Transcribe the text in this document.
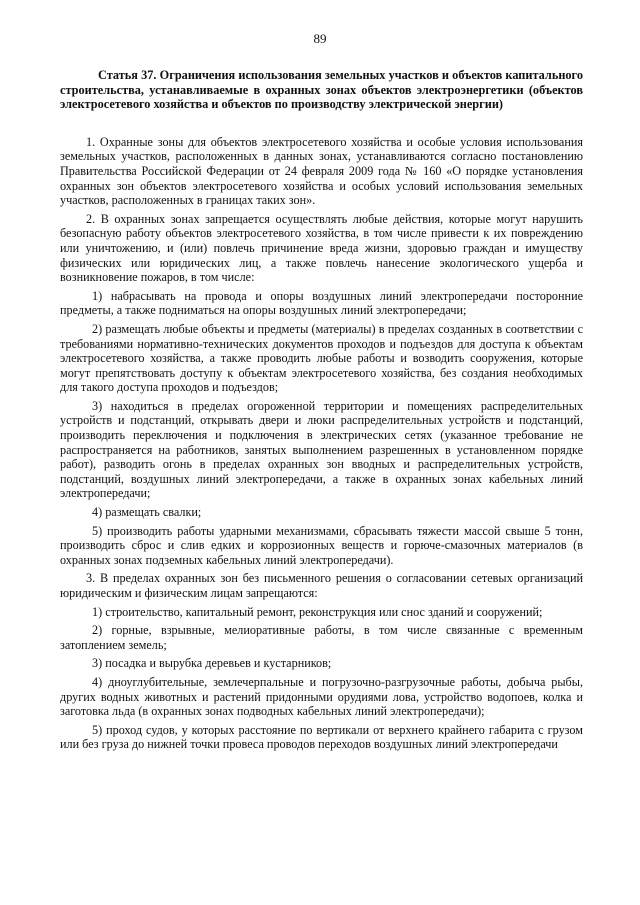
89

Статья 37. Ограничения использования земельных участков и объектов капитального строительства, устанавливаемые в охранных зонах объектов электроэнергетики (объектов электросетевого хозяйства и объектов по производству электрической энергии)

1. Охранные зоны для объектов электросетевого хозяйства и особые условия использования земельных участков, расположенных в данных зонах, устанавливаются согласно постановлению Правительства Российской Федерации от 24 февраля 2009 года № 160 «О порядке установления охранных зон объектов электросетевого хозяйства и особых условий использования земельных участков, расположенных в границах таких зон».

2. В охранных зонах запрещается осуществлять любые действия, которые могут нарушить безопасную работу объектов электросетевого хозяйства, в том числе привести к их повреждению или уничтожению, и (или) повлечь причинение вреда жизни, здоровью граждан и имуществу физических или юридических лиц, а также повлечь нанесение экологического ущерба и возникновение пожаров, в том числе:

1) набрасывать на провода и опоры воздушных линий электропередачи посторонние предметы, а также подниматься на опоры воздушных линий электропередачи;

2) размещать любые объекты и предметы (материалы) в пределах созданных в соответствии с требованиями нормативно-технических документов проходов и подъездов для доступа к объектам электросетевого хозяйства, а также проводить любые работы и возводить сооружения, которые могут препятствовать доступу к объектам электросетевого хозяйства, без создания необходимых для такого доступа проходов и подъездов;

3) находиться в пределах огороженной территории и помещениях распределительных устройств и подстанций, открывать двери и люки распределительных устройств и подстанций, производить переключения и подключения в электрических сетях (указанное требование не распространяется на работников, занятых выполнением разрешенных в установленном порядке работ), разводить огонь в пределах охранных зон вводных и распределительных устройств, подстанций, воздушных линий электропередачи, а также в охранных зонах кабельных линий электропередачи;

4) размещать свалки;

5) производить работы ударными механизмами, сбрасывать тяжести массой свыше 5 тонн, производить сброс и слив едких и коррозионных веществ и горюче-смазочных материалов (в охранных зонах подземных кабельных линий электропередачи).

3. В пределах охранных зон без письменного решения о согласовании сетевых организаций юридическим и физическим лицам запрещаются:

1) строительство, капитальный ремонт, реконструкция или снос зданий и сооружений;

2) горные, взрывные, мелиоративные работы, в том числе связанные с временным затоплением земель;

3) посадка и вырубка деревьев и кустарников;

4) дноуглубительные, землечерпальные и погрузочно-разгрузочные работы, добыча рыбы, других водных животных и растений придонными орудиями лова, устройство водопоев, колка и заготовка льда (в охранных зонах подводных кабельных линий электропередачи);

5) проход судов, у которых расстояние по вертикали от верхнего крайнего габарита с грузом или без груза до нижней точки провеса проводов переходов воздушных линий электропередачи
